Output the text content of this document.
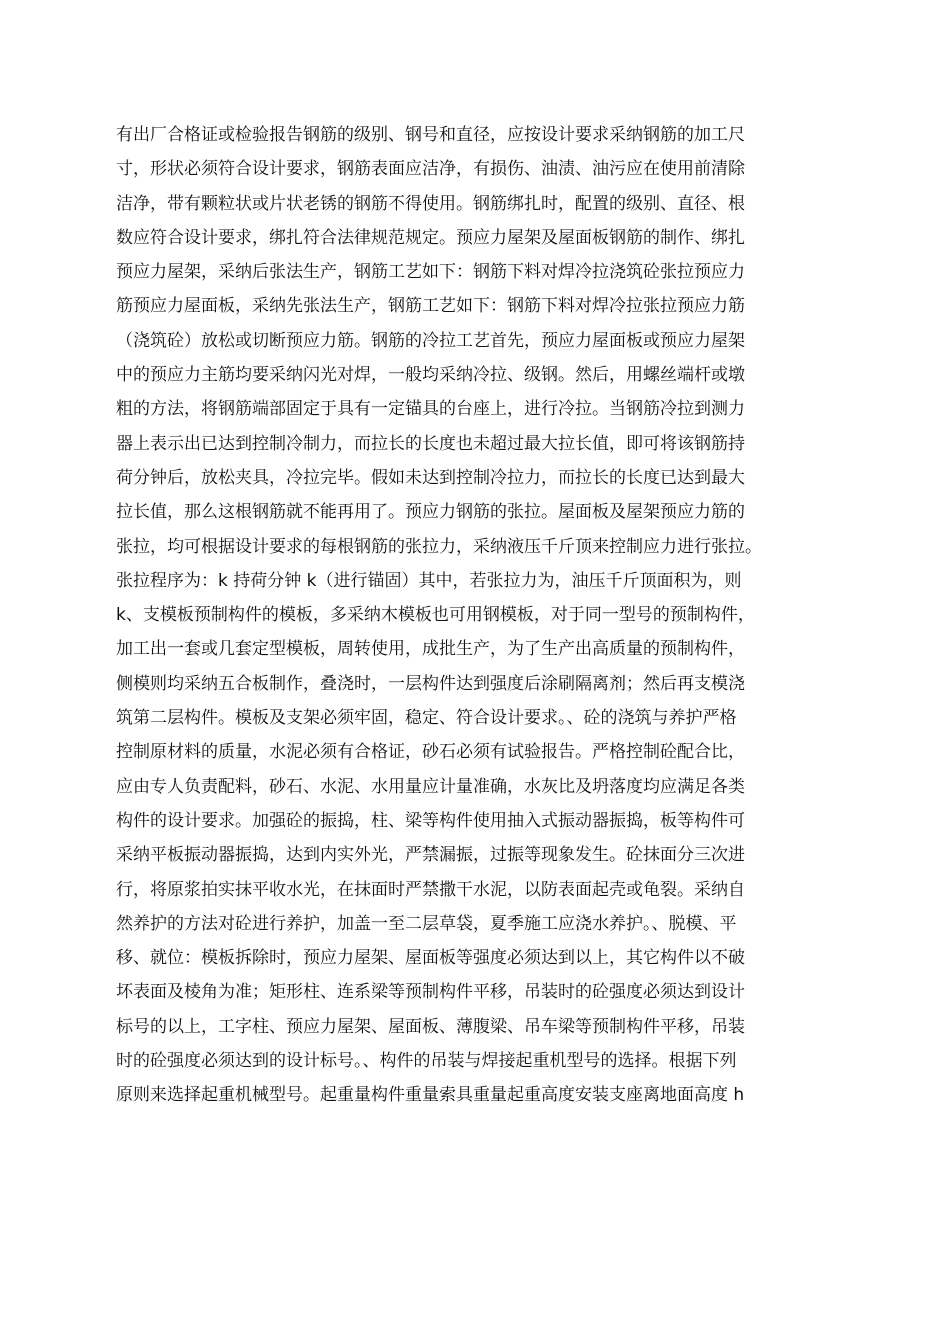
有出厂合格证或检验报告钢筋的级别、钢号和直径，应按设计要求采纳钢筋的加工尺
寸，形状必须符合设计要求，钢筋表面应洁净，有损伤、油渍、油污应在使用前清除
洁净，带有颗粒状或片状老锈的钢筋不得使用。钢筋绑扎时，配置的级别、直径、根
数应符合设计要求，绑扎符合法律规范规定。预应力屋架及屋面板钢筋的制作、绑扎
预应力屋架，采纳后张法生产，钢筋工艺如下：钢筋下料对焊冷拉浇筑砼张拉预应力
筋预应力屋面板，采纳先张法生产，钢筋工艺如下：钢筋下料对焊冷拉张拉预应力筋
（浇筑砼）放松或切断预应力筋。钢筋的冷拉工艺首先，预应力屋面板或预应力屋架
中的预应力主筋均要采纳闪光对焊，一般均采纳冷拉、级钢。然后，用螺丝端杆或墩
粗的方法，将钢筋端部固定于具有一定锚具的台座上，进行冷拉。当钢筋冷拉到测力
器上表示出已达到控制冷制力，而拉长的长度也未超过最大拉长值，即可将该钢筋持
荷分钟后，放松夹具，冷拉完毕。假如未达到控制冷拉力，而拉长的长度已达到最大
拉长值，那么这根钢筋就不能再用了。预应力钢筋的张拉。屋面板及屋架预应力筋的
张拉，均可根据设计要求的每根钢筋的张拉力，采纳液压千斤顶来控制应力进行张拉。
张拉程序为：k 持荷分钟 k（进行锚固）其中，若张拉力为，油压千斤顶面积为，则
k、支模板预制构件的模板，多采纳木模板也可用钢模板，对于同一型号的预制构件，
加工出一套或几套定型模板，周转使用，成批生产，为了生产出高质量的预制构件，
侧模则均采纳五合板制作，叠浇时，一层构件达到强度后涂刷隔离剂；然后再支模浇
筑第二层构件。模板及支架必须牢固，稳定、符合设计要求。、砼的浇筑与养护严格
控制原材料的质量，水泥必须有合格证，砂石必须有试验报告。严格控制砼配合比，
应由专人负责配料，砂石、水泥、水用量应计量准确，水灰比及坍落度均应满足各类
构件的设计要求。加强砼的振捣，柱、梁等构件使用抽入式振动器振捣，板等构件可
采纳平板振动器振捣，达到内实外光，严禁漏振，过振等现象发生。砼抹面分三次进
行，将原浆拍实抹平收水光，在抹面时严禁撒干水泥，以防表面起壳或龟裂。采纳自
然养护的方法对砼进行养护，加盖一至二层草袋，夏季施工应浇水养护。、脱模、平
移、就位：模板拆除时，预应力屋架、屋面板等强度必须达到以上，其它构件以不破
坏表面及棱角为准；矩形柱、连系梁等预制构件平移，吊装时的砼强度必须达到设计
标号的以上，工字柱、预应力屋架、屋面板、薄腹梁、吊车梁等预制构件平移，吊装
时的砼强度必须达到的设计标号。、构件的吊装与焊接起重机型号的选择。根据下列
原则来选择起重机械型号。起重量构件重量索具重量起重高度安装支座离地面高度 h
